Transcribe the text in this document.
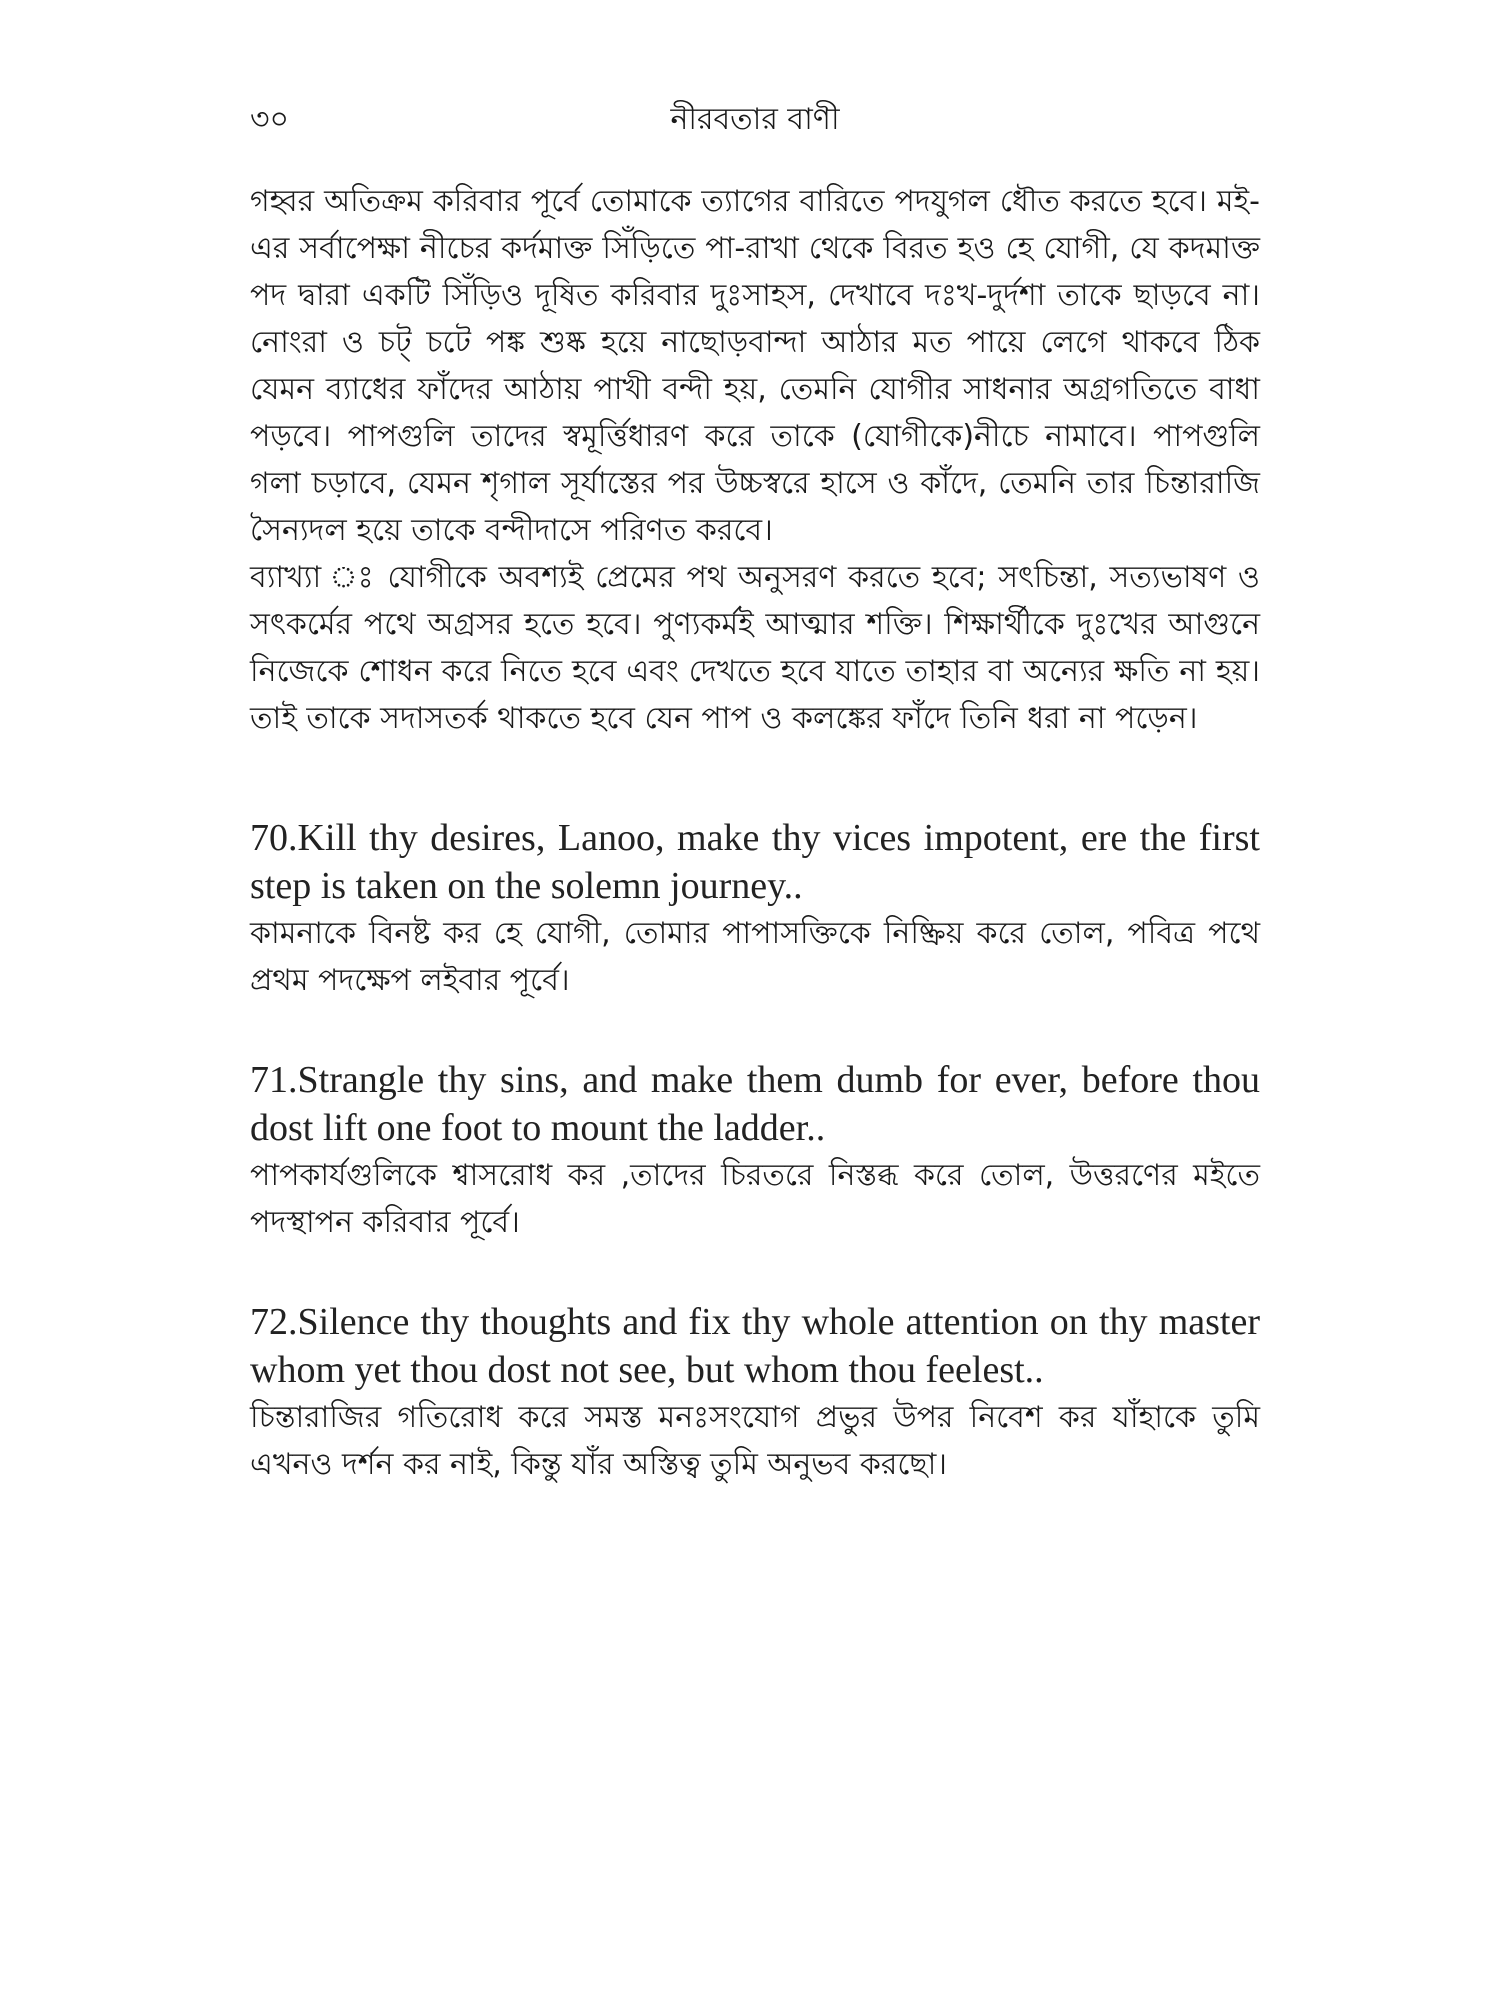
৩০	নীরবতার বাণী

গহ্বর অতিক্রম করিবার পূর্বে তোমাকে ত্যাগের বারিতে পদযুগল ধৌত করতে হবে। মই-এর সর্বাপেক্ষা নীচের কর্দমাক্ত সিঁড়িতে পা-রাখা থেকে বিরত হও হে যোগী, যে কদমাক্ত পদ দ্বারা একটি সিঁড়িও দূষিত করিবার দুঃসাহস, দেখাবে দঃখ-দুর্দশা তাকে ছাড়বে না। নোংরা ও চট্‌ চটে পঙ্ক শুষ্ক হয়ে নাছোড়বান্দা আঠার মত পায়ে লেগে থাকবে ঠিক যেমন ব্যাধের ফাঁদের আঠায় পাখী বন্দী হয়, তেমনি যোগীর সাধনার অগ্রগতিতে বাধা পড়বে। পাপগুলি তাদের স্বমূর্ত্তিধারণ করে তাকে (যোগীকে)নীচে নামাবে। পাপগুলি গলা চড়াবে, যেমন শৃগাল সূর্যাস্তের পর উচ্চস্বরে হাসে ও কাঁদে, তেমনি তার চিন্তারাজি সৈন্যদল হয়ে তাকে বন্দীদাসে পরিণত করবে।

ব্যাখ্যা ঃ যোগীকে অবশ্যই প্রেমের পথ অনুসরণ করতে হবে; সৎচিন্তা, সত্যভাষণ ও সৎকর্মের পথে অগ্রসর হতে হবে। পুণ্যকর্মই আত্মার শক্তি। শিক্ষার্থীকে দুঃখের আগুনে নিজেকে শোধন করে নিতে হবে এবং দেখতে হবে যাতে তাহার বা অন্যের ক্ষতি না হয়। তাই তাকে সদাসতর্ক থাকতে হবে যেন পাপ ও কলঙ্কের ফাঁদে তিনি ধরা না পড়েন।

70.Kill thy desires, Lanoo, make thy vices impotent, ere the first step is taken on the solemn journey..

কামনাকে বিনষ্ট কর হে যোগী, তোমার পাপাসক্তিকে নিষ্ক্রিয় করে তোল, পবিত্র পথে প্রথম পদক্ষেপ লইবার পূর্বে।

71.Strangle thy sins, and make them dumb for ever, before thou dost lift one foot to mount the ladder..

পাপকার্যগুলিকে শ্বাসরোধ কর ,তাদের চিরতরে নিস্তব্ধ করে তোল, উত্তরণের মইতে পদস্থাপন করিবার পূর্বে।

72.Silence thy thoughts and fix thy whole attention on thy master whom yet thou dost not see, but whom thou feelest..

চিন্তারাজির গতিরোধ করে সমস্ত মনঃসংযোগ প্রভুর উপর নিবেশ কর যাঁহাকে তুমি এখনও দর্শন কর নাই, কিন্তু যাঁর অস্তিত্ব তুমি অনুভব করছো।
